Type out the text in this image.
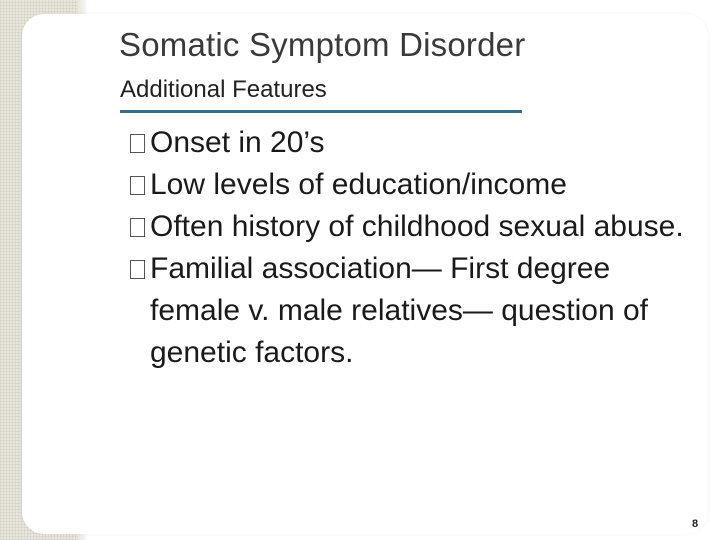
Somatic Symptom Disorder
Additional Features
Onset in 20’s
Low levels of education/income
Often history of childhood sexual abuse.
Familial association— First degree female v. male relatives— question of genetic factors.
8
